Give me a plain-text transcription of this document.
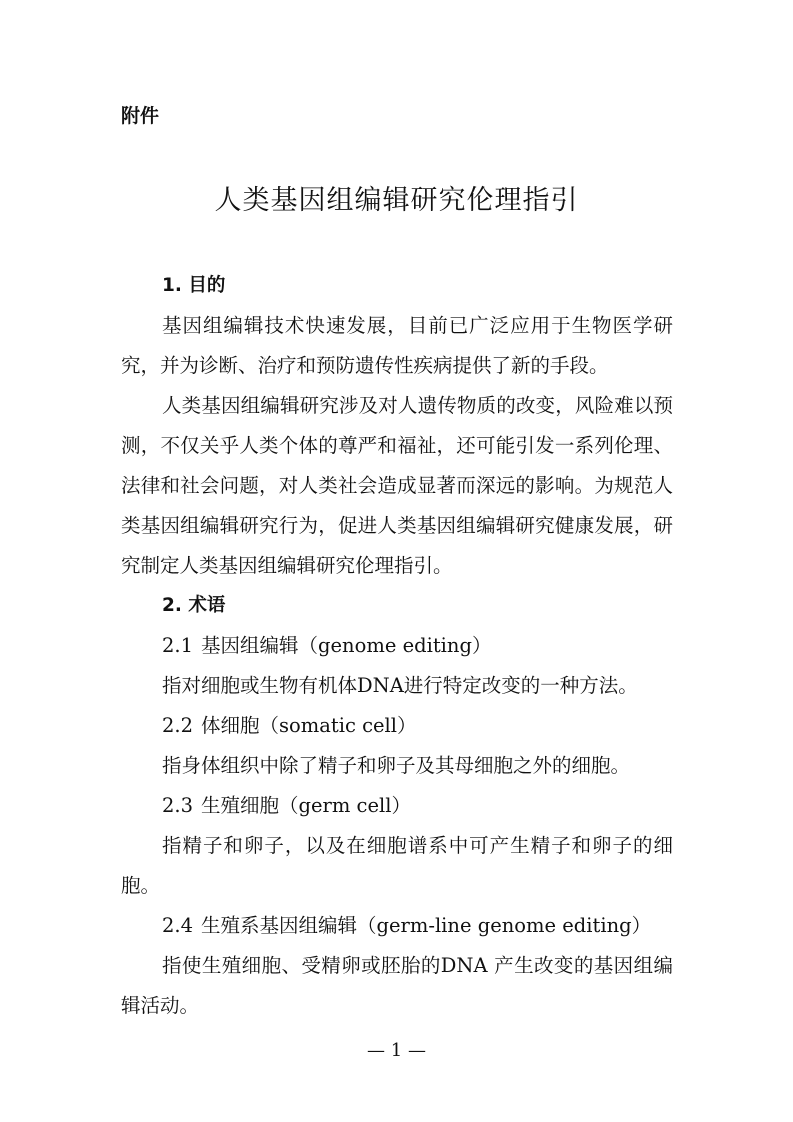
附件
人类基因组编辑研究伦理指引

1. 目的

基因组编辑技术快速发展，目前已广泛应用于生物医学研究，并为诊断、治疗和预防遗传性疾病提供了新的手段。

人类基因组编辑研究涉及对人遗传物质的改变，风险难以预测，不仅关乎人类个体的尊严和福祉，还可能引发一系列伦理、法律和社会问题，对人类社会造成显著而深远的影响。为规范人类基因组编辑研究行为，促进人类基因组编辑研究健康发展，研究制定人类基因组编辑研究伦理指引。

2. 术语

2.1 基因组编辑（genome editing）

指对细胞或生物有机体DNA进行特定改变的一种方法。

2.2 体细胞（somatic cell）

指身体组织中除了精子和卵子及其母细胞之外的细胞。

2.3 生殖细胞（germ cell）

指精子和卵子，以及在细胞谱系中可产生精子和卵子的细胞。

2.4 生殖系基因组编辑（germ-line genome editing）

指使生殖细胞、受精卵或胚胎的DNA 产生改变的基因组编辑活动。

— 1 —
